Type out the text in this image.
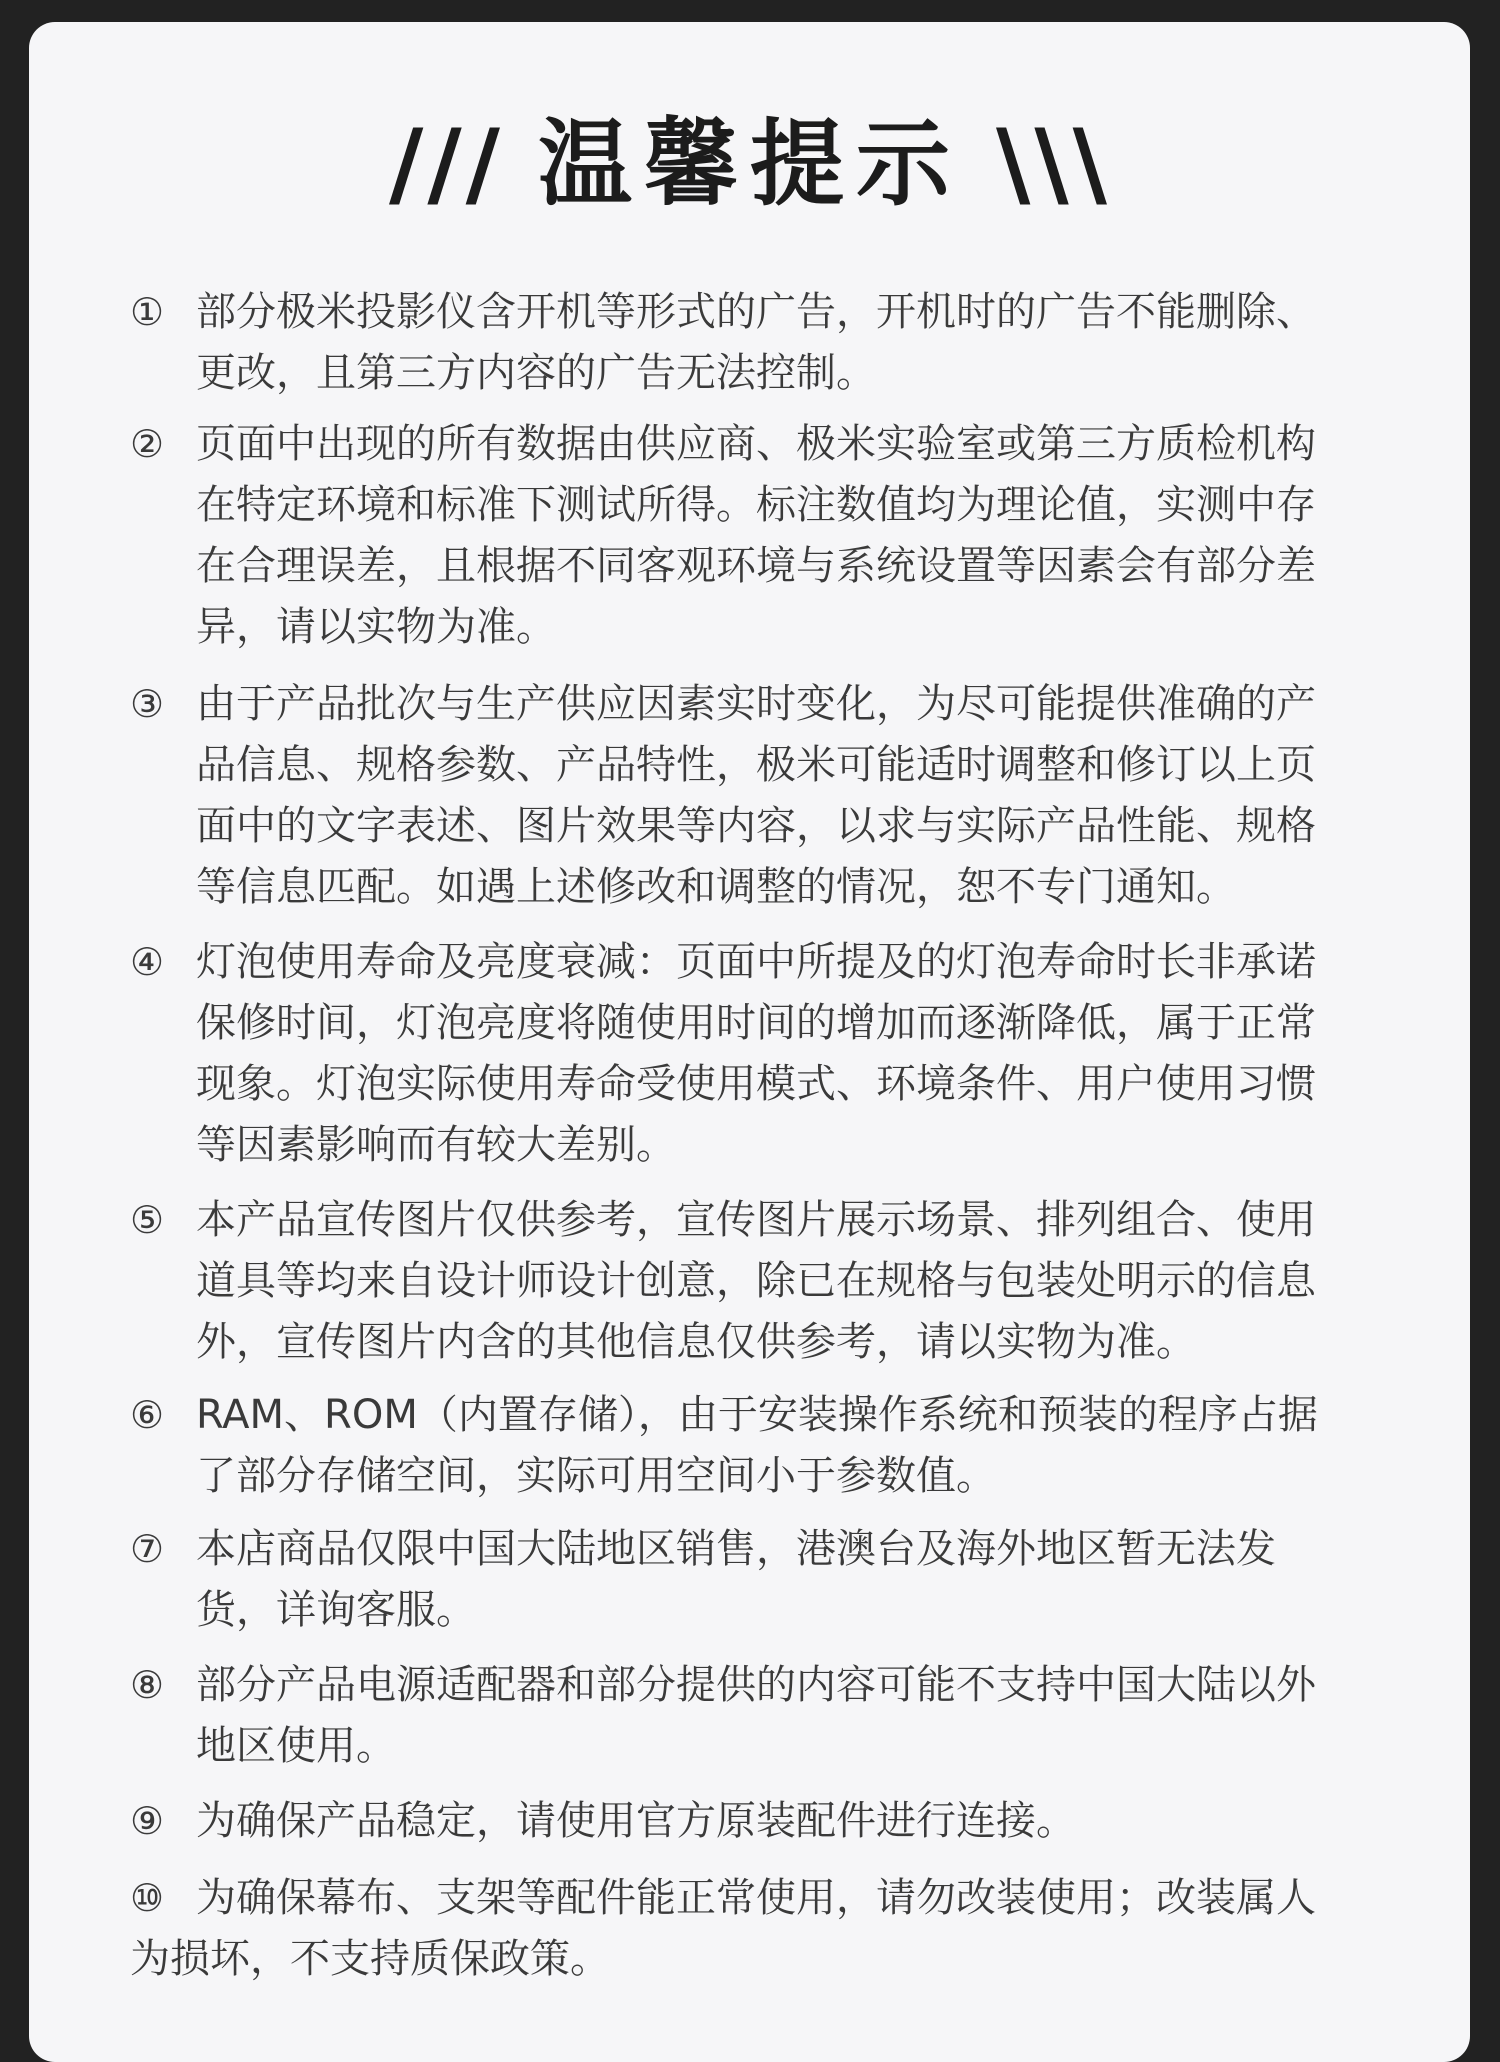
/// 温馨提示 \\\

① 部分极米投影仪含开机等形式的广告，开机时的广告不能删除、更改，且第三方内容的广告无法控制。

② 页面中出现的所有数据由供应商、极米实验室或第三方质检机构在特定环境和标准下测试所得。标注数值均为理论值，实测中存在合理误差，且根据不同客观环境与系统设置等因素会有部分差异，请以实物为准。

③ 由于产品批次与生产供应因素实时变化，为尽可能提供准确的产品信息、规格参数、产品特性，极米可能适时调整和修订以上页面中的文字表述、图片效果等内容，以求与实际产品性能、规格等信息匹配。如遇上述修改和调整的情况，恕不专门通知。

④ 灯泡使用寿命及亮度衰减：页面中所提及的灯泡寿命时长非承诺保修时间，灯泡亮度将随使用时间的增加而逐渐降低，属于正常现象。灯泡实际使用寿命受使用模式、环境条件、用户使用习惯等因素影响而有较大差别。

⑤ 本产品宣传图片仅供参考，宣传图片展示场景、排列组合、使用道具等均来自设计师设计创意，除已在规格与包装处明示的信息外，宣传图片内含的其他信息仅供参考，请以实物为准。

⑥ RAM、ROM（内置存储），由于安装操作系统和预装的程序占据了部分存储空间，实际可用空间小于参数值。

⑦ 本店商品仅限中国大陆地区销售，港澳台及海外地区暂无法发货，详询客服。

⑧ 部分产品电源适配器和部分提供的内容可能不支持中国大陆以外地区使用。

⑨ 为确保产品稳定，请使用官方原装配件进行连接。

⑩ 为确保幕布、支架等配件能正常使用，请勿改装使用；改装属人为损坏，不支持质保政策。
